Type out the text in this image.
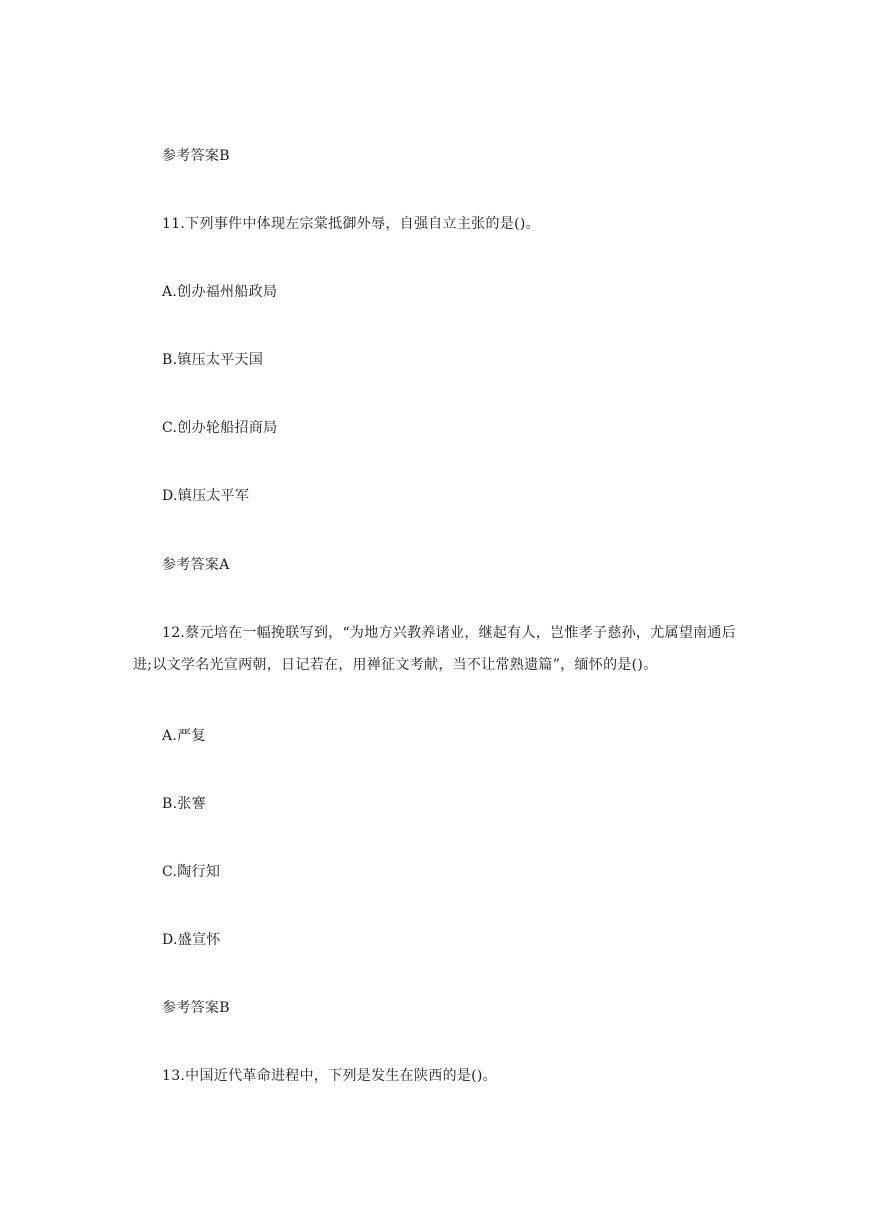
参考答案B
11.下列事件中体现左宗棠抵御外辱，自强自立主张的是()。
A.创办福州船政局
B.镇压太平天国
C.创办轮船招商局
D.镇压太平军
参考答案A
12.蔡元培在一幅挽联写到，“为地方兴教养诸业，继起有人，岂惟孝子慈孙，尤属望南通后进;以文学名光宣两朝，日记若在，用禅征文考献，当不让常熟遗篇”，缅怀的是()。
A.严复
B.张謇
C.陶行知
D.盛宣怀
参考答案B
13.中国近代革命进程中，下列是发生在陕西的是()。
